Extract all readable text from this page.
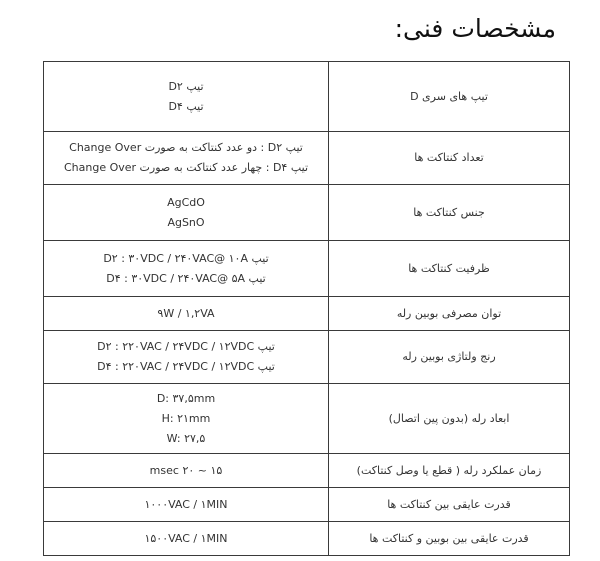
مشخصات فنی:
تیپ D۲
تیپ D۴	تیپ های سری D

تیپ D۲ : دو عدد کنتاکت به صورت Change Over
تیپ D۴ : چهار عدد کنتاکت به صورت Change Over	تعداد کنتاکت ها

AgCdO
AgSnO	جنس کنتاکت ها

تیپ D۲ : ۳۰VDC / ۲۴۰VAC@ ۱۰A
تیپ D۴ : ۳۰VDC / ۲۴۰VAC@ ۵A	ظرفیت کنتاکت ها

۹W / ۱,۲VA	توان مصرفی بوبین رله

تیپ D۲ : ۲۲۰VAC / ۲۴VDC / ۱۲VDC
تیپ D۴ : ۲۲۰VAC / ۲۴VDC / ۱۲VDC	رنج ولتاژی بوبین رله

D: ۳۷,۵mm
H: ۲۱mm
W: ۲۷,۵	ابعاد رله (بدون پین اتصال)

۱۵ ~ ۲۰ msec	زمان عملکرد رله ( قطع یا وصل کنتاکت)

۱۰۰۰VAC / ۱MIN	قدرت عایقی بین کنتاکت ها

۱۵۰۰VAC / ۱MIN	قدرت عایقی بین بوبین و کنتاکت ها
